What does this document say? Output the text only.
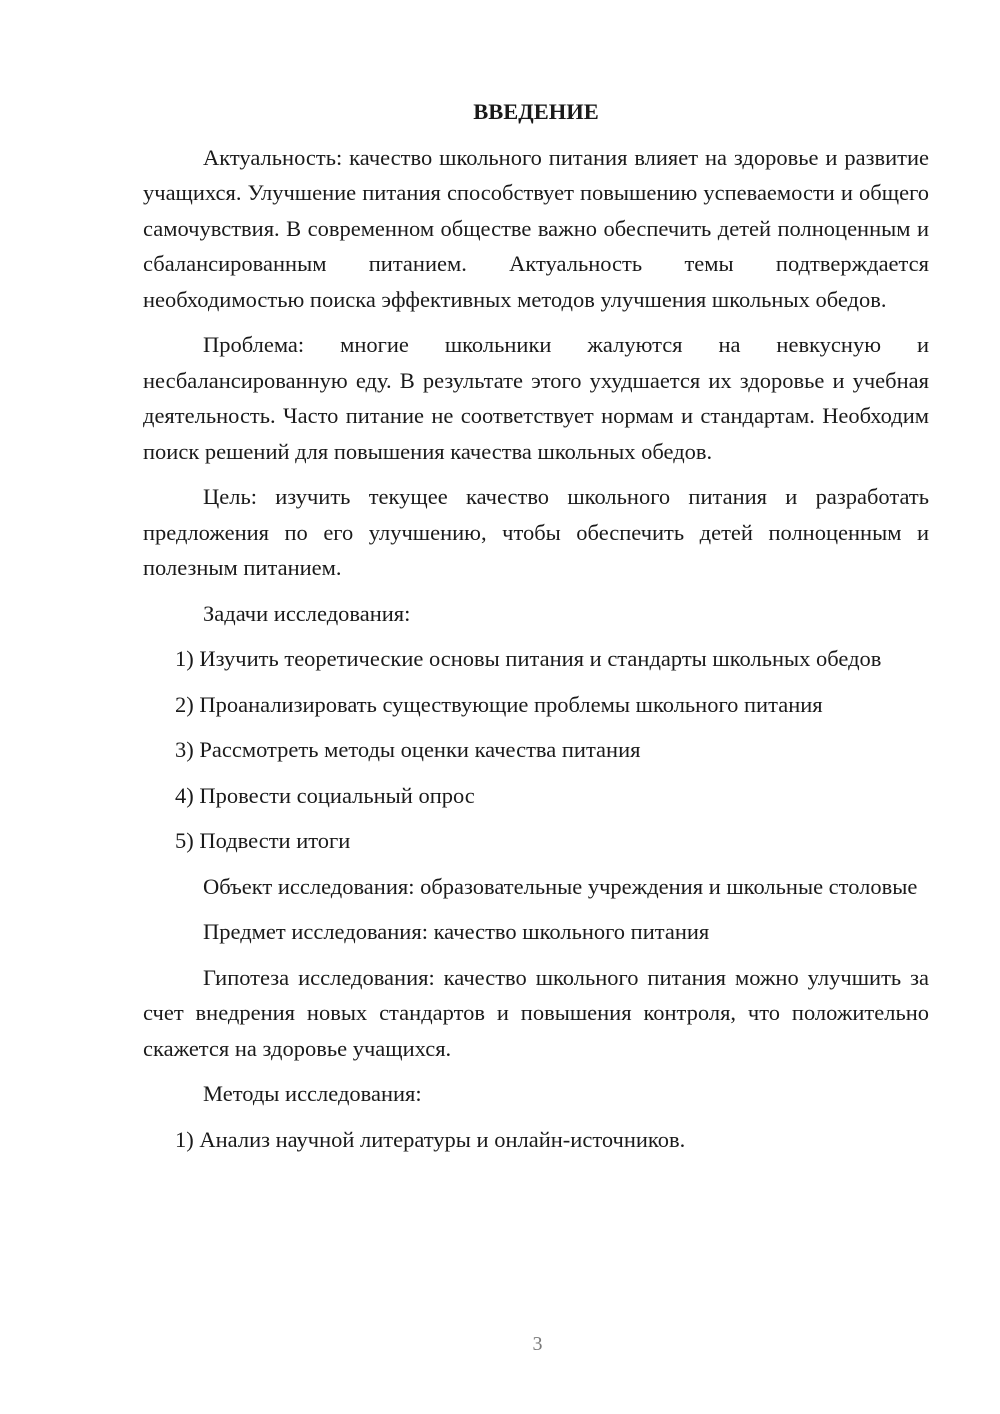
ВВЕДЕНИЕ

Актуальность: качество школьного питания влияет на здоровье и развитие учащихся. Улучшение питания способствует повышению успеваемости и общего самочувствия. В современном обществе важно обеспечить детей полноценным и сбалансированным питанием. Актуальность темы подтверждается необходимостью поиска эффективных методов улучшения школьных обедов.

Проблема: многие школьники жалуются на невкусную и несбалансированную еду. В результате этого ухудшается их здоровье и учебная деятельность. Часто питание не соответствует нормам и стандартам. Необходим поиск решений для повышения качества школьных обедов.

Цель: изучить текущее качество школьного питания и разработать предложения по его улучшению, чтобы обеспечить детей полноценным и полезным питанием.

Задачи исследования:

1) Изучить теоретические основы питания и стандарты школьных обедов

2) Проанализировать существующие проблемы школьного питания

3) Рассмотреть методы оценки качества питания

4) Провести социальный опрос

5) Подвести итоги

Объект исследования: образовательные учреждения и школьные столовые

Предмет исследования: качество школьного питания

Гипотеза исследования: качество школьного питания можно улучшить за счет внедрения новых стандартов и повышения контроля, что положительно скажется на здоровье учащихся.

Методы исследования:

1) Анализ научной литературы и онлайн-источников.

3
